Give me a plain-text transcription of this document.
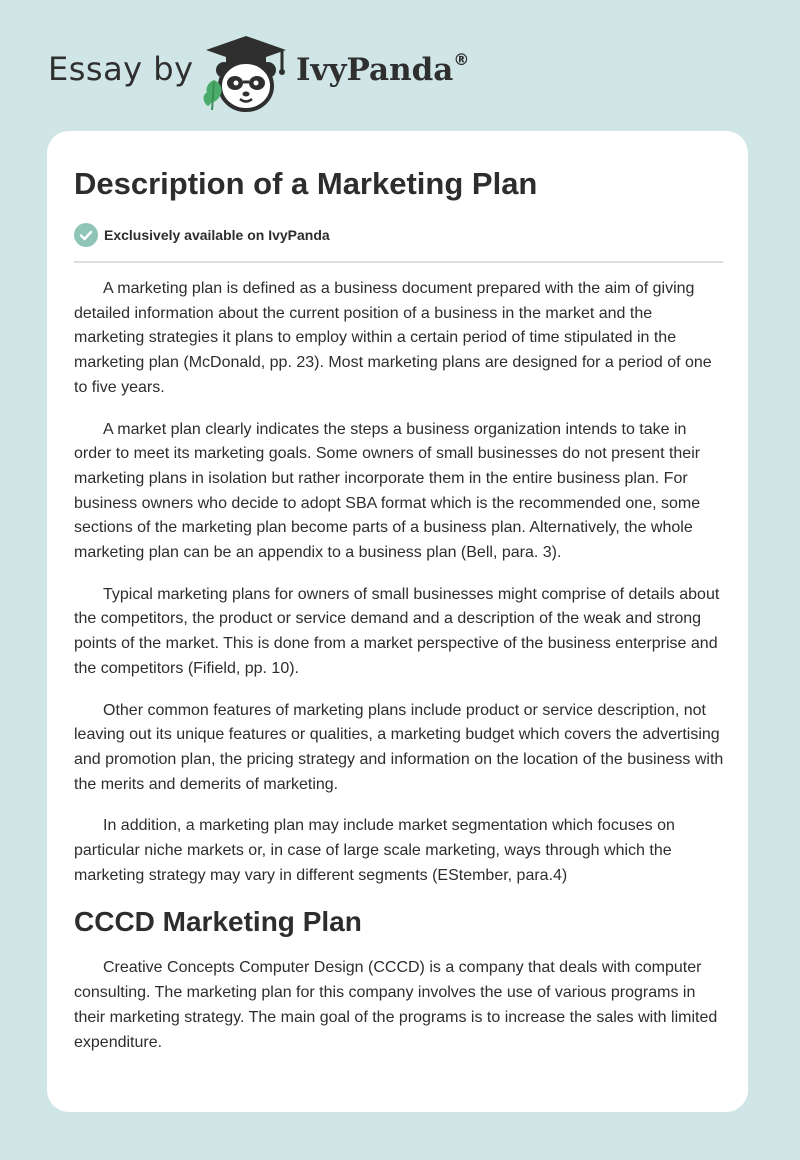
Essay by	IvyPanda®
Description of a Marketing Plan
Exclusively available on IvyPanda

A marketing plan is defined as a business document prepared with the aim of giving detailed information about the current position of a business in the market and the marketing strategies it plans to employ within a certain period of time stipulated in the marketing plan (McDonald, pp. 23). Most marketing plans are designed for a period of one to five years.

A market plan clearly indicates the steps a business organization intends to take in order to meet its marketing goals. Some owners of small businesses do not present their marketing plans in isolation but rather incorporate them in the entire business plan. For business owners who decide to adopt SBA format which is the recommended one, some sections of the marketing plan become parts of a business plan. Alternatively, the whole marketing plan can be an appendix to a business plan (Bell, para. 3).

Typical marketing plans for owners of small businesses might comprise of details about the competitors, the product or service demand and a description of the weak and strong points of the market. This is done from a market perspective of the business enterprise and the competitors (Fifield, pp. 10).

Other common features of marketing plans include product or service description, not leaving out its unique features or qualities, a marketing budget which covers the advertising and promotion plan, the pricing strategy and information on the location of the business with the merits and demerits of marketing.

In addition, a marketing plan may include market segmentation which focuses on particular niche markets or, in case of large scale marketing, ways through which the marketing strategy may vary in different segments (EStember, para.4)

CCCD Marketing Plan

Creative Concepts Computer Design (CCCD) is a company that deals with computer consulting. The marketing plan for this company involves the use of various programs in their marketing strategy. The main goal of the programs is to increase the sales with limited expenditure.
